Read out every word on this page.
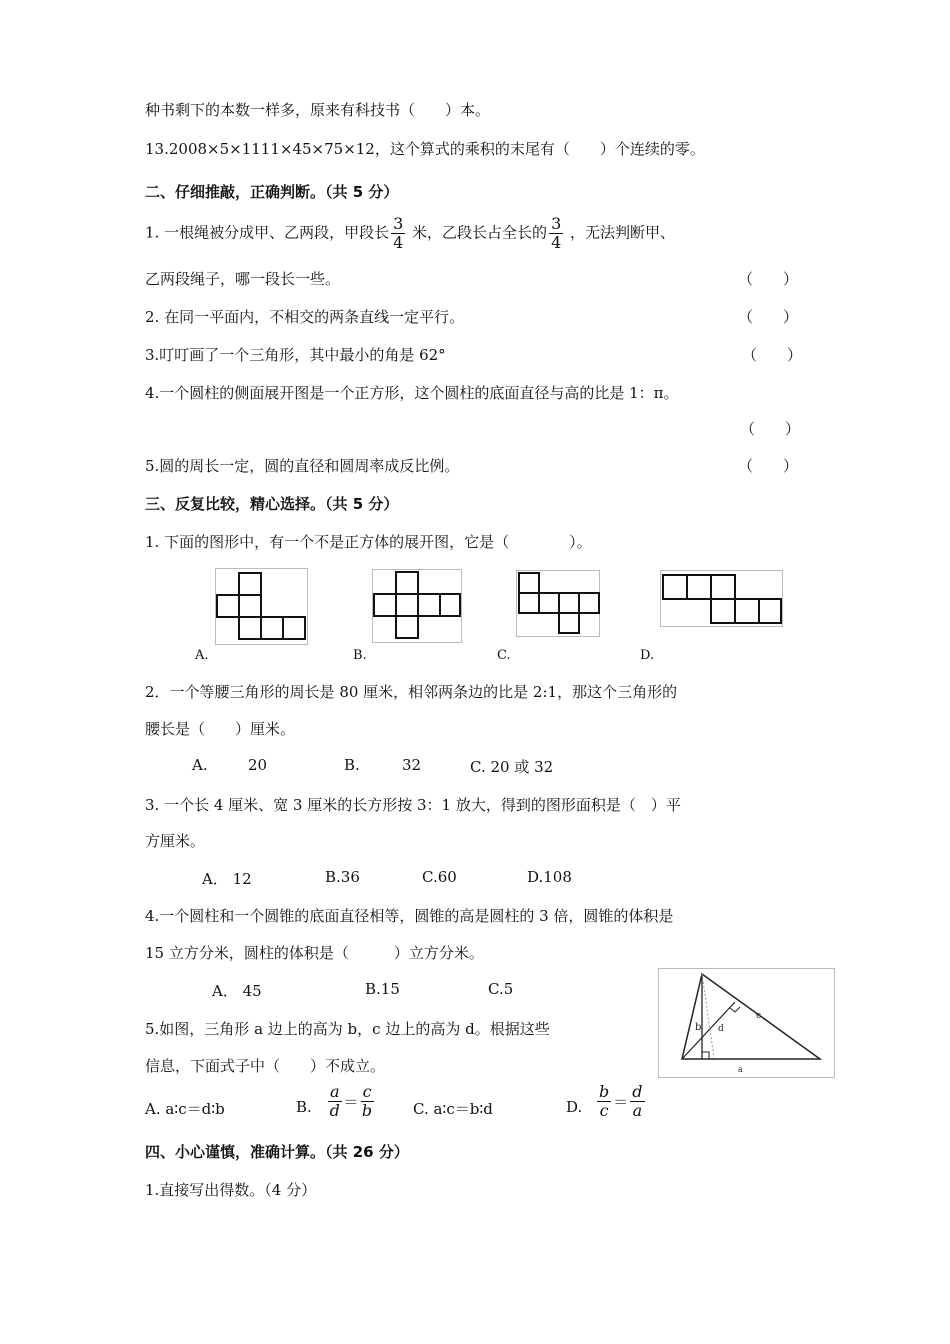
种书剩下的本数一样多，原来有科技书（　　）本。
13.2008×5×1111×45×75×12，这个算式的乘积的末尾有（　　）个连续的零。
二、仔细推敲，正确判断。（共 5 分）
1. 一根绳被分成甲、乙两段，甲段长 $\frac{3}{4}$ 米，乙段长占全长的 $\frac{3}{4}$ ，无法判断甲、
乙两段绳子，哪一段长一些。	（　　）
2. 在同一平面内，不相交的两条直线一定平行。	（　　）
3.叮叮画了一个三角形，其中最小的角是 62°	（　　）
4.一个圆柱的侧面展开图是一个正方形，这个圆柱的底面直径与高的比是 1：π。
（　　）
5.圆的周长一定，圆的直径和圆周率成反比例。	（　　）
三、反复比较，精心选择。（共 5 分）
1. 下面的图形中，有一个不是正方体的展开图，它是（　　　　）。
A.	B.	C.	D.
2．一个等腰三角形的周长是 80 厘米，相邻两条边的比是 2:1，那这个三角形的
腰长是（　　）厘米。
A.	20	B.	32	C. 20 或 32
3. 一个长 4 厘米、宽 3 厘米的长方形按 3：1 放大，得到的图形面积是（　）平
方厘米。
A． 12	B.36	C.60	D.108
4.一个圆柱和一个圆锥的底面直径相等，圆锥的高是圆柱的 3 倍，圆锥的体积是
15 立方分米，圆柱的体积是（　　　）立方分米。
A． 45	B.15	C.5
b
c
d
a
5.如图，三角形 a 边上的高为 b，c 边上的高为 d。根据这些
信息，下面式子中（　　）不成立。
A. a∶c＝d∶b	B. $\frac{a}{d} = \frac{c}{b}$	C. a∶c＝b∶d	D. $\frac{b}{c} = \frac{d}{a}$
四、小心谨慎，准确计算。（共 26 分）
1.直接写出得数。（4 分）
